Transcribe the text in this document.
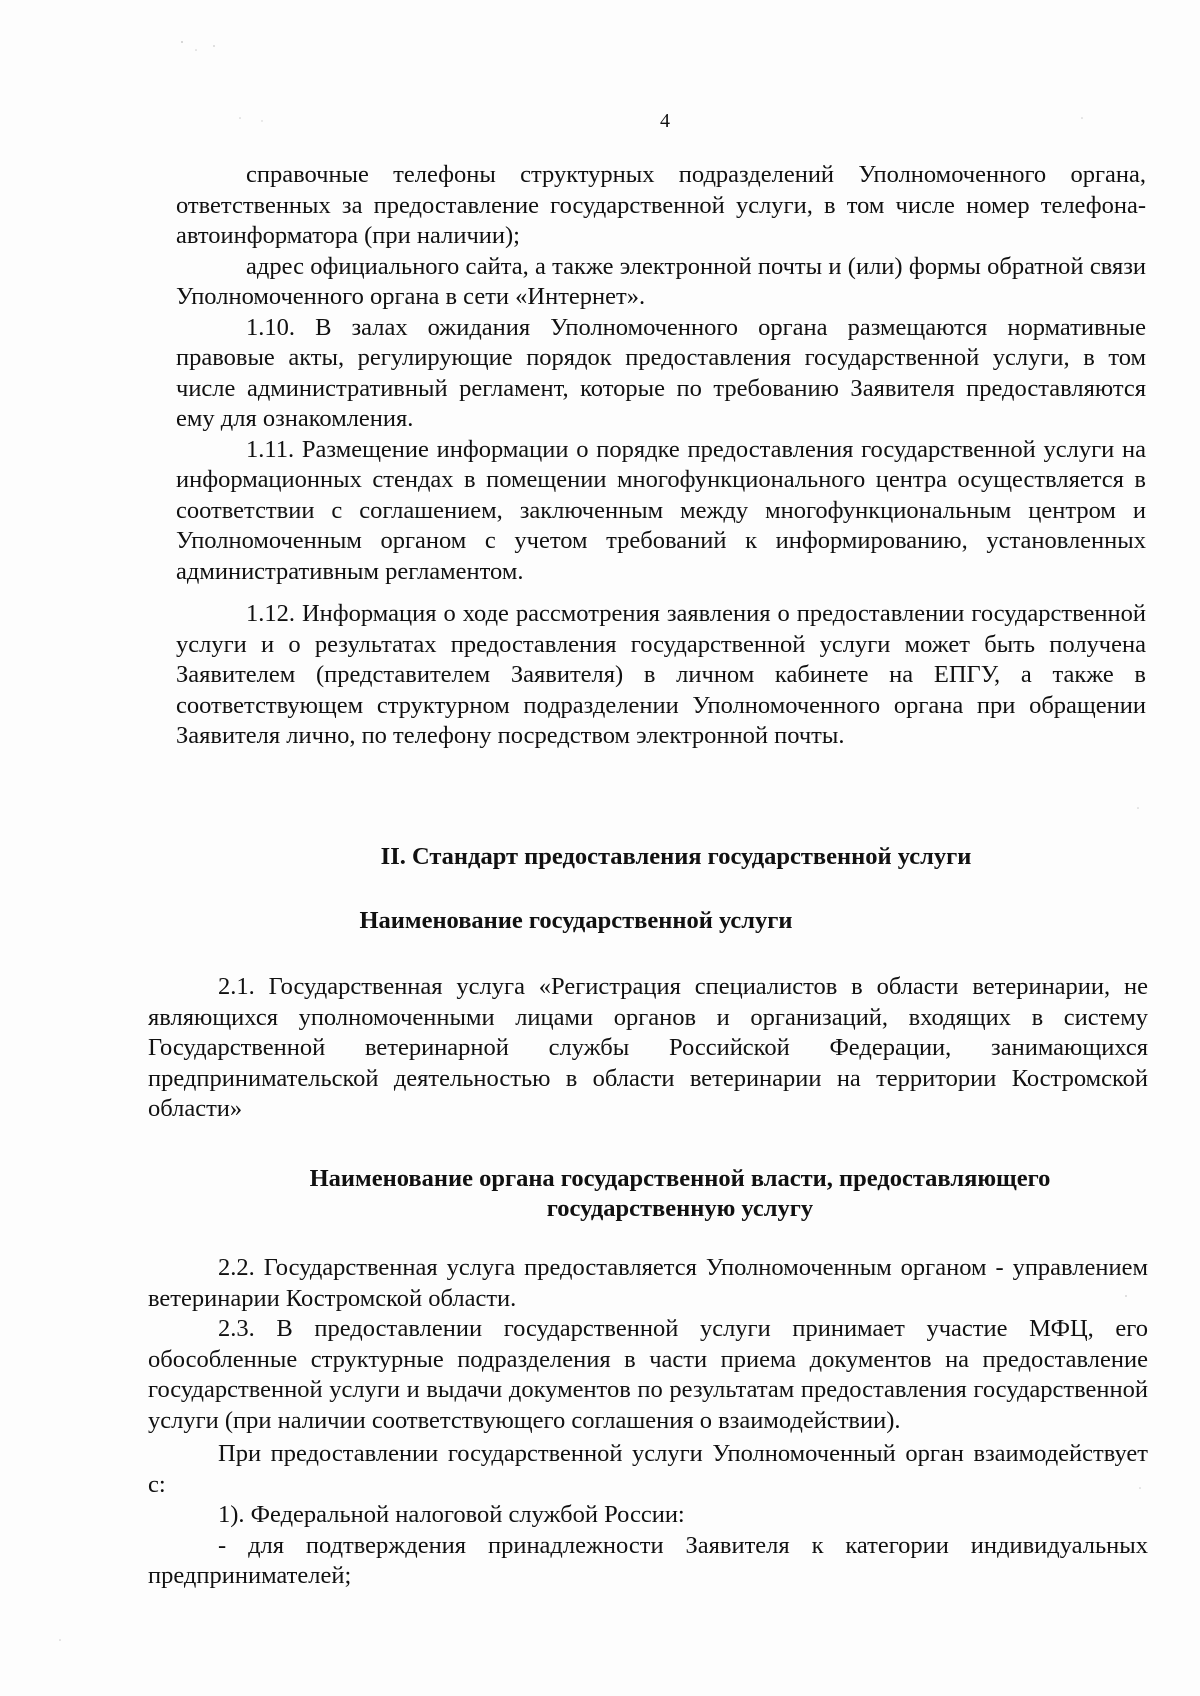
4

справочные телефоны структурных подразделений Уполномоченного органа, ответственных за предоставление государственной услуги, в том числе номер телефона-автоинформатора (при наличии);

адрес официального сайта, а также электронной почты и (или) формы обратной связи Уполномоченного органа в сети «Интернет».

1.10. В залах ожидания Уполномоченного органа размещаются нормативные правовые акты, регулирующие порядок предоставления государственной услуги, в том числе административный регламент, которые по требованию Заявителя предоставляются ему для ознакомления.

1.11. Размещение информации о порядке предоставления государственной услуги на информационных стендах в помещении многофункционального центра осуществляется в соответствии с соглашением, заключенным между многофункциональным центром и Уполномоченным органом с учетом требований к информированию, установленных административным регламентом.

1.12. Информация о ходе рассмотрения заявления о предоставлении государственной услуги и о результатах предоставления государственной услуги может быть получена Заявителем (представителем Заявителя) в личном кабинете на ЕПГУ, а также в соответствующем структурном подразделении Уполномоченного органа при обращении Заявителя лично, по телефону посредством электронной почты.

II. Стандарт предоставления государственной услуги
Наименование государственной услуги

2.1. Государственная услуга «Регистрация специалистов в области ветеринарии, не являющихся уполномоченными лицами органов и организаций, входящих в систему Государственной ветеринарной службы Российской Федерации, занимающихся предпринимательской деятельностью в области ветеринарии на территории Костромской области»

Наименование органа государственной власти, предоставляющего
государственную услугу

2.2. Государственная услуга предоставляется Уполномоченным органом - управлением ветеринарии Костромской области.

2.3. В предоставлении государственной услуги принимает участие МФЦ, его обособленные структурные подразделения в части приема документов на предоставление государственной услуги и выдачи документов по результатам предоставления государственной услуги (при наличии соответствующего соглашения о взаимодействии).

При предоставлении государственной услуги Уполномоченный орган взаимодействует с:

1). Федеральной налоговой службой России:

- для подтверждения принадлежности Заявителя к категории индивидуальных предпринимателей;
